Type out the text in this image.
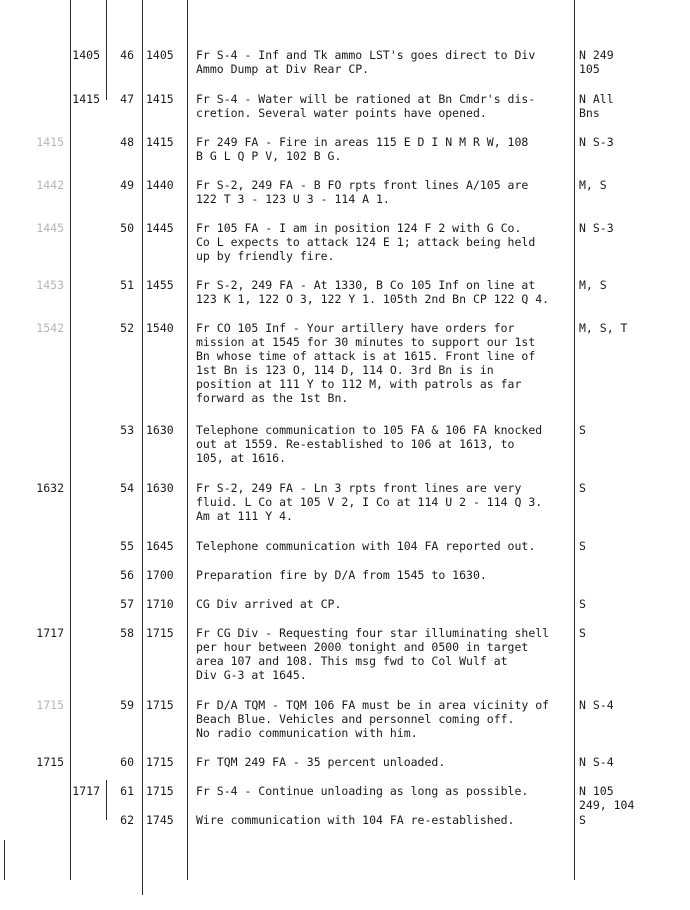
1405	46 1405 Fr S-4 - Inf and Tk ammo LST's goes direct to Div
Ammo Dump at Div Rear CP.
N 249
105
1415	47 1415 Fr S-4 - Water will be rationed at Bn Cmdr's dis-
cretion. Several water points have opened.
N All
Bns
1415	48 1415 Fr 249 FA - Fire in areas 115 E D I N M R W, 108
B G L Q P V, 102 B G.
N S-3
1442	49 1440 Fr S-2, 249 FA - B FO rpts front lines A/105 are
122 T 3 - 123 U 3 - 114 A 1.
M, S
1445	50 1445 Fr 105 FA - I am in position 124 F 2 with G Co.
Co L expects to attack 124 E 1; attack being held
up by friendly fire.
N S-3
1453	51 1455 Fr S-2, 249 FA - At 1330, B Co 105 Inf on line at
123 K 1, 122 O 3, 122 Y 1. 105th 2nd Bn CP 122 Q 4.
M, S
1542	52 1540 Fr CO 105 Inf - Your artillery have orders for
mission at 1545 for 30 minutes to support our 1st
Bn whose time of attack is at 1615. Front line of
1st Bn is 123 O, 114 D, 114 O. 3rd Bn is in
position at 111 Y to 112 M, with patrols as far
forward as the 1st Bn.
M, S, T
53 1630 Telephone communication to 105 FA & 106 FA knocked
out at 1559. Re-established to 106 at 1613, to
105, at 1616.
S
1632	54 1630 Fr S-2, 249 FA - Ln 3 rpts front lines are very
fluid. L Co at 105 V 2, I Co at 114 U 2 - 114 Q 3.
Am at 111 Y 4.
S
55 1645 Telephone communication with 104 FA reported out.	S
56 1700 Preparation fire by D/A from 1545 to 1630.
57 1710 CG Div arrived at CP.	S
1717	58 1715 Fr CG Div - Requesting four star illuminating shell
per hour between 2000 tonight and 0500 in target
area 107 and 108. This msg fwd to Col Wulf at
Div G-3 at 1645.
S
1715	59 1715 Fr D/A TQM - TQM 106 FA must be in area vicinity of
Beach Blue. Vehicles and personnel coming off.
No radio communication with him.
N S-4
1715	60 1715 Fr TQM 249 FA - 35 percent unloaded.	N S-4
1717	61 1715 Fr S-4 - Continue unloading as long as possible.	N 105
249, 104
62 1745 Wire communication with 104 FA re-established.	S
